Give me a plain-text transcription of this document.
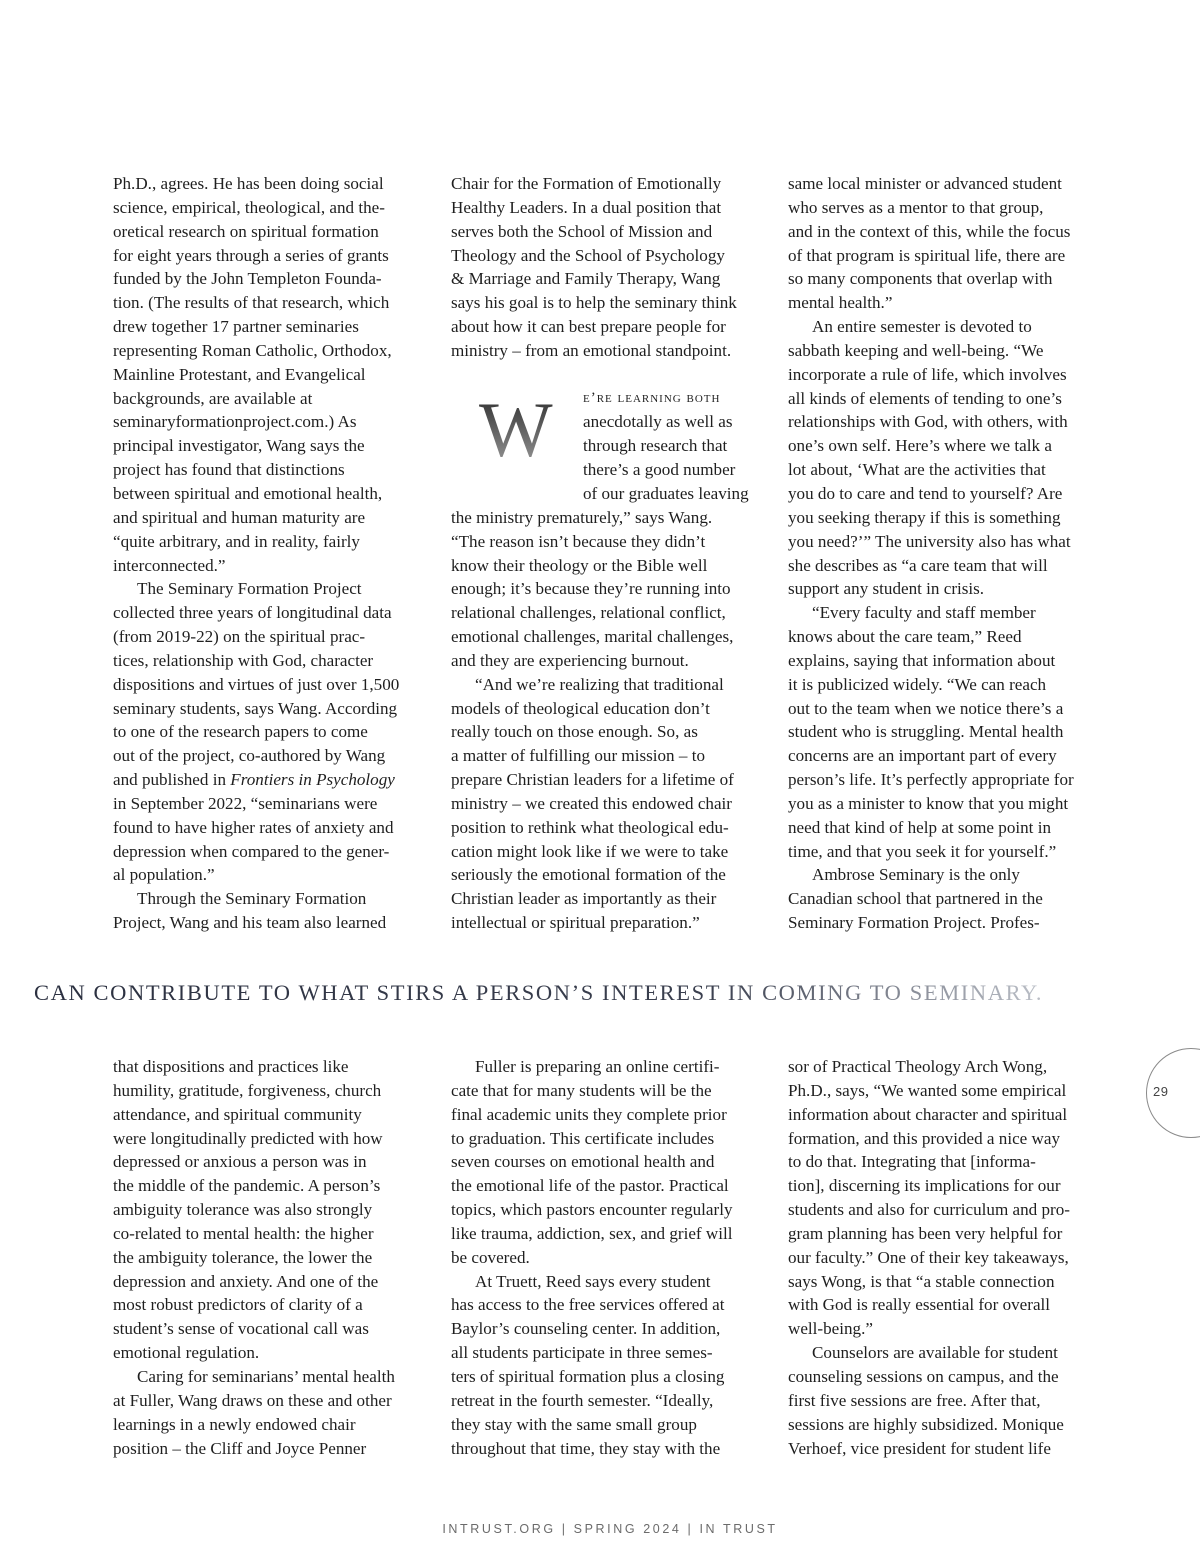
Ph.D., agrees. He has been doing social
science, empirical, theological, and the-
oretical research on spiritual formation
for eight years through a series of grants
funded by the John Templeton Founda-
tion. (The results of that research, which
drew together 17 partner seminaries
representing Roman Catholic, Orthodox,
Mainline Protestant, and Evangelical
backgrounds, are available at
seminaryformationproject.com.) As
principal investigator, Wang says the
project has found that distinctions
between spiritual and emotional health,
and spiritual and human maturity are
“quite arbitrary, and in reality, fairly
interconnected.”
The Seminary Formation Project
collected three years of longitudinal data
(from 2019-22) on the spiritual prac-
tices, relationship with God, character
dispositions and virtues of just over 1,500
seminary students, says Wang. According
to one of the research papers to come
out of the project, co-authored by Wang
and published in Frontiers in Psychology
in September 2022, “seminarians were
found to have higher rates of anxiety and
depression when compared to the gener-
al population.”
Through the Seminary Formation
Project, Wang and his team also learned
Chair for the Formation of Emotionally
Healthy Leaders. In a dual position that
serves both the School of Mission and
Theology and the School of Psychology
& Marriage and Family Therapy, Wang
says his goal is to help the seminary think
about how it can best prepare people for
ministry – from an emotional standpoint.
W	e’re learning both
anecdotally as well as
through research that
there’s a good number
of our graduates leaving
the ministry prematurely,” says Wang.
“The reason isn’t because they didn’t
know their theology or the Bible well
enough; it’s because they’re running into
relational challenges, relational conflict,
emotional challenges, marital challenges,
and they are experiencing burnout.
“And we’re realizing that traditional
models of theological education don’t
really touch on those enough. So, as
a matter of fulfilling our mission – to
prepare Christian leaders for a lifetime of
ministry – we created this endowed chair
position to rethink what theological edu-
cation might look like if we were to take
seriously the emotional formation of the
Christian leader as importantly as their
intellectual or spiritual preparation.”
same local minister or advanced student
who serves as a mentor to that group,
and in the context of this, while the focus
of that program is spiritual life, there are
so many components that overlap with
mental health.”
An entire semester is devoted to
sabbath keeping and well-being. “We
incorporate a rule of life, which involves
all kinds of elements of tending to one’s
relationships with God, with others, with
one’s own self. Here’s where we talk a
lot about, ‘What are the activities that
you do to care and tend to yourself? Are
you seeking therapy if this is something
you need?’” The university also has what
she describes as “a care team that will
support any student in crisis.
“Every faculty and staff member
knows about the care team,” Reed
explains, saying that information about
it is publicized widely. “We can reach
out to the team when we notice there’s a
student who is struggling. Mental health
concerns are an important part of every
person’s life. It’s perfectly appropriate for
you as a minister to know that you might
need that kind of help at some point in
time, and that you seek it for yourself.”
Ambrose Seminary is the only
Canadian school that partnered in the
Seminary Formation Project. Profes-
CAN CONTRIBUTE TO WHAT STIRS A PERSON’S INTEREST IN COMING TO SEMINARY.
that dispositions and practices like
humility, gratitude, forgiveness, church
attendance, and spiritual community
were longitudinally predicted with how
depressed or anxious a person was in
the middle of the pandemic. A person’s
ambiguity tolerance was also strongly
co-related to mental health: the higher
the ambiguity tolerance, the lower the
depression and anxiety. And one of the
most robust predictors of clarity of a
student’s sense of vocational call was
emotional regulation.
Caring for seminarians’ mental health
at Fuller, Wang draws on these and other
learnings in a newly endowed chair
position – the Cliff and Joyce Penner
Fuller is preparing an online certifi-
cate that for many students will be the
final academic units they complete prior
to graduation. This certificate includes
seven courses on emotional health and
the emotional life of the pastor. Practical
topics, which pastors encounter regularly
like trauma, addiction, sex, and grief will
be covered.
At Truett, Reed says every student
has access to the free services offered at
Baylor’s counseling center. In addition,
all students participate in three semes-
ters of spiritual formation plus a closing
retreat in the fourth semester. “Ideally,
they stay with the same small group
throughout that time, they stay with the
sor of Practical Theology Arch Wong,
Ph.D., says, “We wanted some empirical
information about character and spiritual
formation, and this provided a nice way
to do that. Integrating that [informa-
tion], discerning its implications for our
students and also for curriculum and pro-
gram planning has been very helpful for
our faculty.” One of their key takeaways,
says Wong, is that “a stable connection
with God is really essential for overall
well-being.”
Counselors are available for student
counseling sessions on campus, and the
first five sessions are free. After that,
sessions are highly subsidized. Monique
Verhoef, vice president for student life
29
INTRUST.ORG | SPRING 2024 | IN TRUST
